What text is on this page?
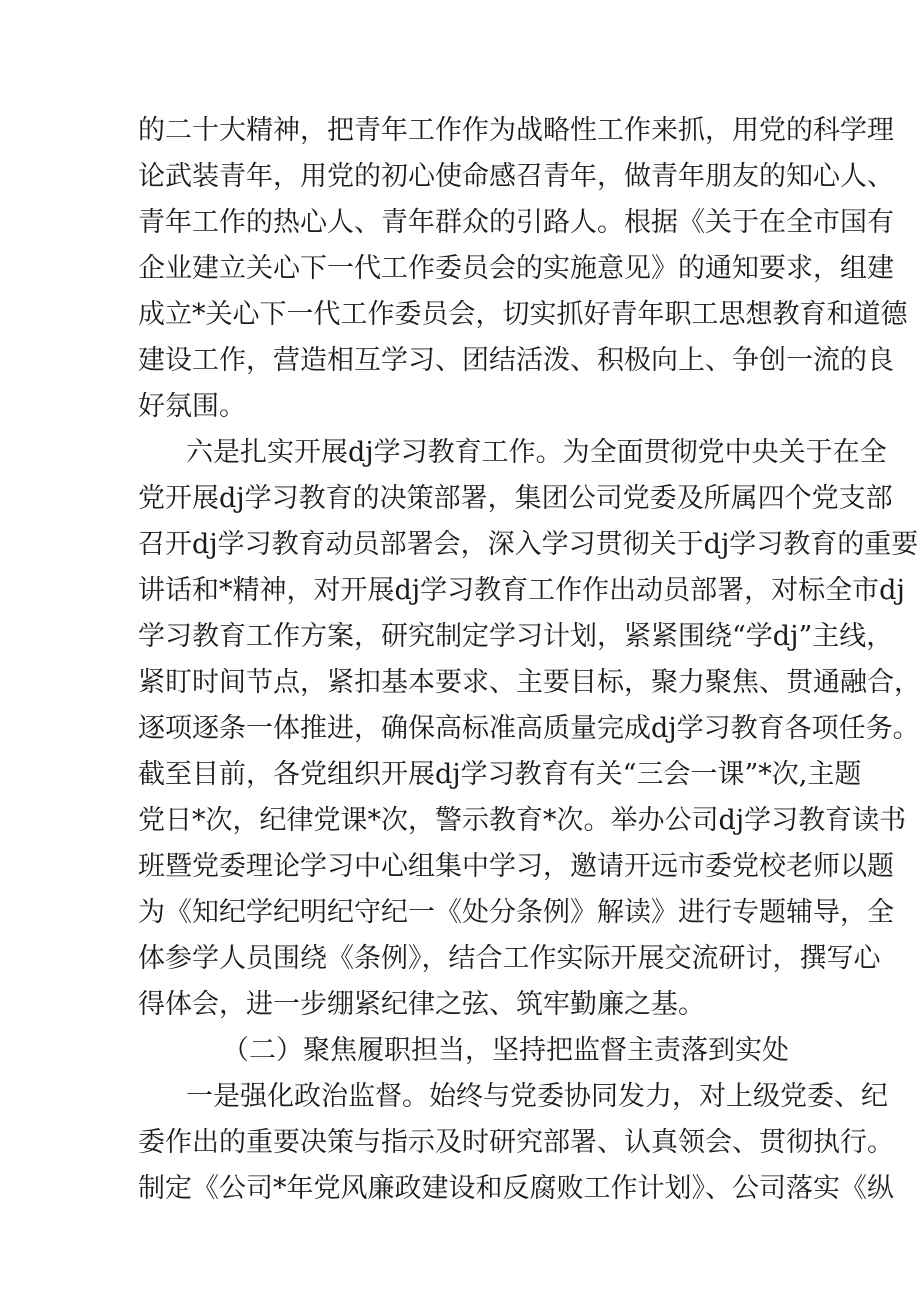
的二十大精神，把青年工作作为战略性工作来抓，用党的科学理
论武装青年，用党的初心使命感召青年，做青年朋友的知心人、
青年工作的热心人、青年群众的引路人。根据《关于在全市国有
企业建立关心下一代工作委员会的实施意见》的通知要求，组建
成立*关心下一代工作委员会，切实抓好青年职工思想教育和道德
建设工作，营造相互学习、团结活泼、积极向上、争创一流的良
好氛围。
六是扎实开展dj学习教育工作。为全面贯彻党中央关于在全
党开展dj学习教育的决策部署，集团公司党委及所属四个党支部
召开dj学习教育动员部署会，深入学习贯彻关于dj学习教育的重要
讲话和*精神，对开展dj学习教育工作作出动员部署，对标全市dj
学习教育工作方案，研究制定学习计划，紧紧围绕“学dj”主线，
紧盯时间节点，紧扣基本要求、主要目标，聚力聚焦、贯通融合，
逐项逐条一体推进，确保高标准高质量完成dj学习教育各项任务。
截至目前，各党组织开展dj学习教育有关“三会一课”*次,主题
党日*次，纪律党课*次，警示教育*次。举办公司dj学习教育读书
班暨党委理论学习中心组集中学习，邀请开远市委党校老师以题
为《知纪学纪明纪守纪一《处分条例》解读》进行专题辅导，全
体参学人员围绕《条例》，结合工作实际开展交流研讨，撰写心
得体会，进一步绷紧纪律之弦、筑牢勤廉之基。
（二）聚焦履职担当，坚持把监督主责落到实处
一是强化政治监督。始终与党委协同发力，对上级党委、纪
委作出的重要决策与指示及时研究部署、认真领会、贯彻执行。
制定《公司*年党风廉政建设和反腐败工作计划》、公司落实《纵
